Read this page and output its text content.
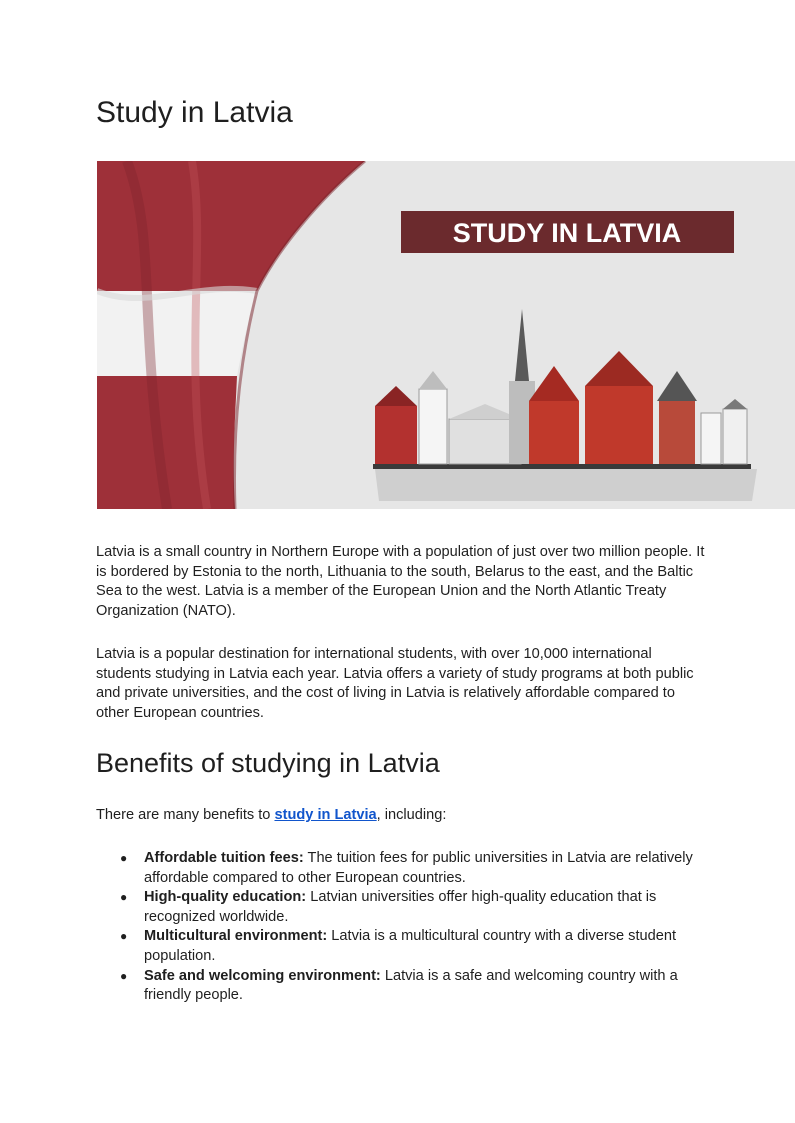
Study in Latvia
STUDY IN LATVIA

Latvia is a small country in Northern Europe with a population of just over two million people. It is bordered by Estonia to the north, Lithuania to the south, Belarus to the east, and the Baltic Sea to the west. Latvia is a member of the European Union and the North Atlantic Treaty Organization (NATO).

Latvia is a popular destination for international students, with over 10,000 international students studying in Latvia each year. Latvia offers a variety of study programs at both public and private universities, and the cost of living in Latvia is relatively affordable compared to other European countries.

Benefits of studying in Latvia

There are many benefits to study in Latvia, including:

● Affordable tuition fees: The tuition fees for public universities in Latvia are relatively affordable compared to other European countries.
● High-quality education: Latvian universities offer high-quality education that is recognized worldwide.
● Multicultural environment: Latvia is a multicultural country with a diverse student population.
● Safe and welcoming environment: Latvia is a safe and welcoming country with a friendly people.
